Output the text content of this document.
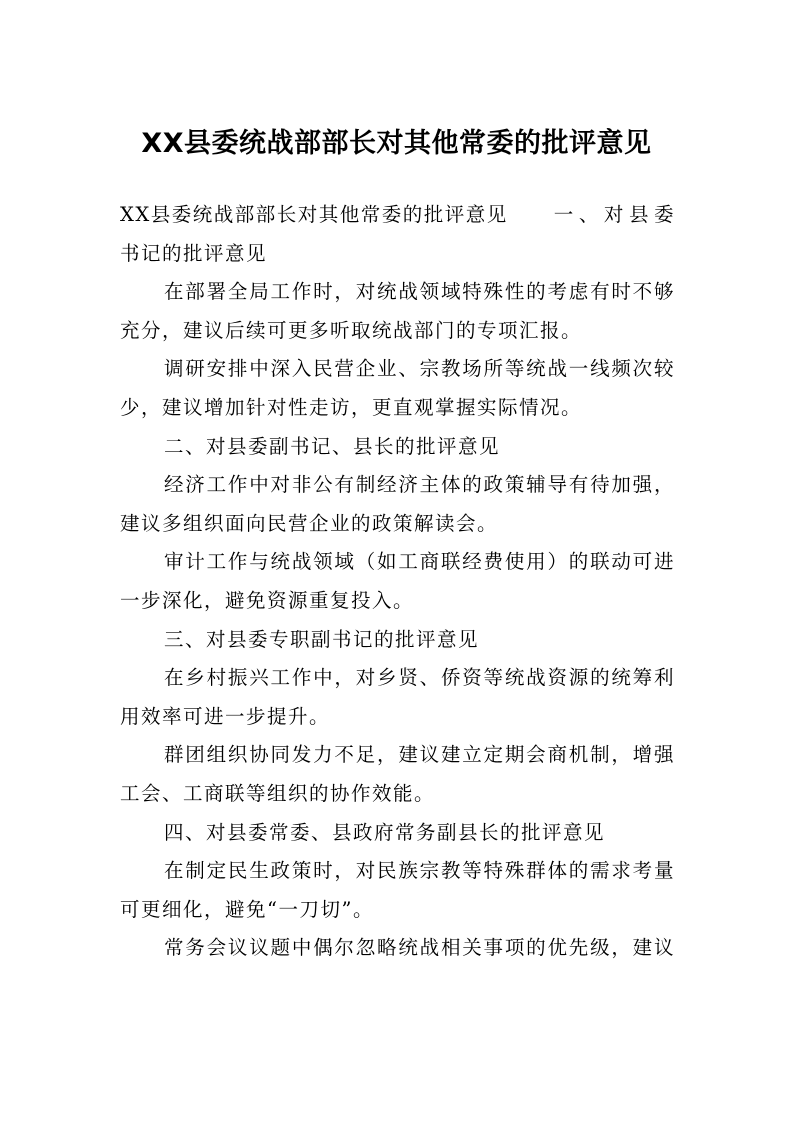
XX县委统战部部长对其他常委的批评意见
XX县委统战部部长对其他常委的批评意见 一、对县委
书记的批评意见
在部署全局工作时，对统战领域特殊性的考虑有时不够
充分，建议后续可更多听取统战部门的专项汇报。
调研安排中深入民营企业、宗教场所等统战一线频次较
少，建议增加针对性走访，更直观掌握实际情况。
二、对县委副书记、县长的批评意见
经济工作中对非公有制经济主体的政策辅导有待加强，
建议多组织面向民营企业的政策解读会。
审计工作与统战领域（如工商联经费使用）的联动可进
一步深化，避免资源重复投入。
三、对县委专职副书记的批评意见
在乡村振兴工作中，对乡贤、侨资等统战资源的统筹利
用效率可进一步提升。
群团组织协同发力不足，建议建立定期会商机制，增强
工会、工商联等组织的协作效能。
四、对县委常委、县政府常务副县长的批评意见
在制定民生政策时，对民族宗教等特殊群体的需求考量
可更细化，避免“一刀切”。
常务会议议题中偶尔忽略统战相关事项的优先级，建议
